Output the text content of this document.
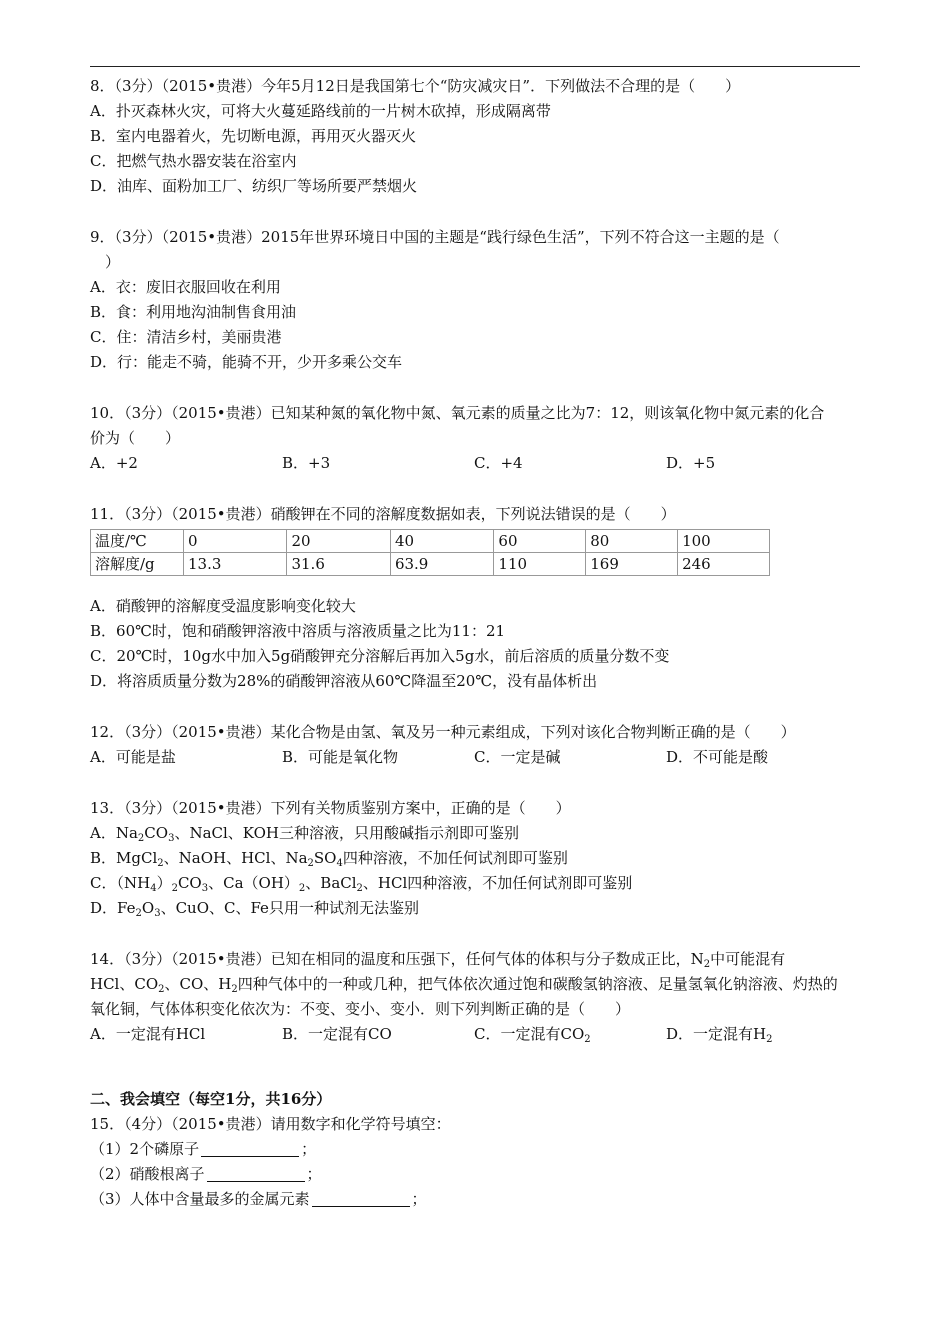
8．（3分）（2015•贵港）今年5月12日是我国第七个“防灾减灾日”．下列做法不合理的是（　　）
A．扑灭森林火灾，可将大火蔓延路线前的一片树木砍掉，形成隔离带
B．室内电器着火，先切断电源，再用灭火器灭火
C．把燃气热水器安装在浴室内
D．油库、面粉加工厂、纺织厂等场所要严禁烟火
9．（3分）（2015•贵港）2015年世界环境日中国的主题是“践行绿色生活”，下列不符合这一主题的是（
　）
A．衣：废旧衣服回收在利用
B．食：利用地沟油制售食用油
C．住：清洁乡村，美丽贵港
D．行：能走不骑，能骑不开，少开多乘公交车
10．（3分）（2015•贵港）已知某种氮的氧化物中氮、氧元素的质量之比为7：12，则该氧化物中氮元素的化合
价为（　　）
A．+2	B．+3	C．+4	D．+5
11．（3分）（2015•贵港）硝酸钾在不同的溶解度数据如表，下列说法错误的是（　　）
温度/℃	0	20	40	60	80	100
溶解度/g	13.3	31.6	63.9	110	169	246
A．硝酸钾的溶解度受温度影响变化较大
B．60℃时，饱和硝酸钾溶液中溶质与溶液质量之比为11：21
C．20℃时，10g水中加入5g硝酸钾充分溶解后再加入5g水，前后溶质的质量分数不变
D．将溶质质量分数为28%的硝酸钾溶液从60℃降温至20℃，没有晶体析出
12．（3分）（2015•贵港）某化合物是由氢、氧及另一种元素组成，下列对该化合物判断正确的是（　　）
A．可能是盐	B．可能是氧化物	C．一定是碱	D．不可能是酸
13．（3分）（2015•贵港）下列有关物质鉴别方案中，正确的是（　　）
A．$Na_2CO_3$、NaCl、KOH三种溶液，只用酸碱指示剂即可鉴别
B．MgCl$_2$、NaOH、HCl、$Na_2SO_4$四种溶液，不加任何试剂即可鉴别
C．$(NH_4)_2CO_3$、$Ca(OH)_2$、BaCl$_2$、HCl四种溶液，不加任何试剂即可鉴别
D．$Fe_2O_3$、CuO、C、Fe只用一种试剂无法鉴别
14．（3分）（2015•贵港）已知在相同的温度和压强下，任何气体的体积与分子数成正比，$N_2$中可能混有
HCl、$CO_2$、CO、$H_2$四种气体中的一种或几种，把气体依次通过饱和碳酸氢钠溶液、足量氢氧化钠溶液、灼热的
氧化铜，气体体积变化依次为：不变、变小、变小．则下列判断正确的是（　　）
A．一定混有HCl	B．一定混有CO	C．一定混有$CO_2$	D．一定混有$H_2$
二、我会填空（每空1分，共16分）
15．（4分）（2015•贵港）请用数字和化学符号填空：
（1）2个磷原子	；
（2）硝酸根离子	；
（3）人体中含量最多的金属元素	；
